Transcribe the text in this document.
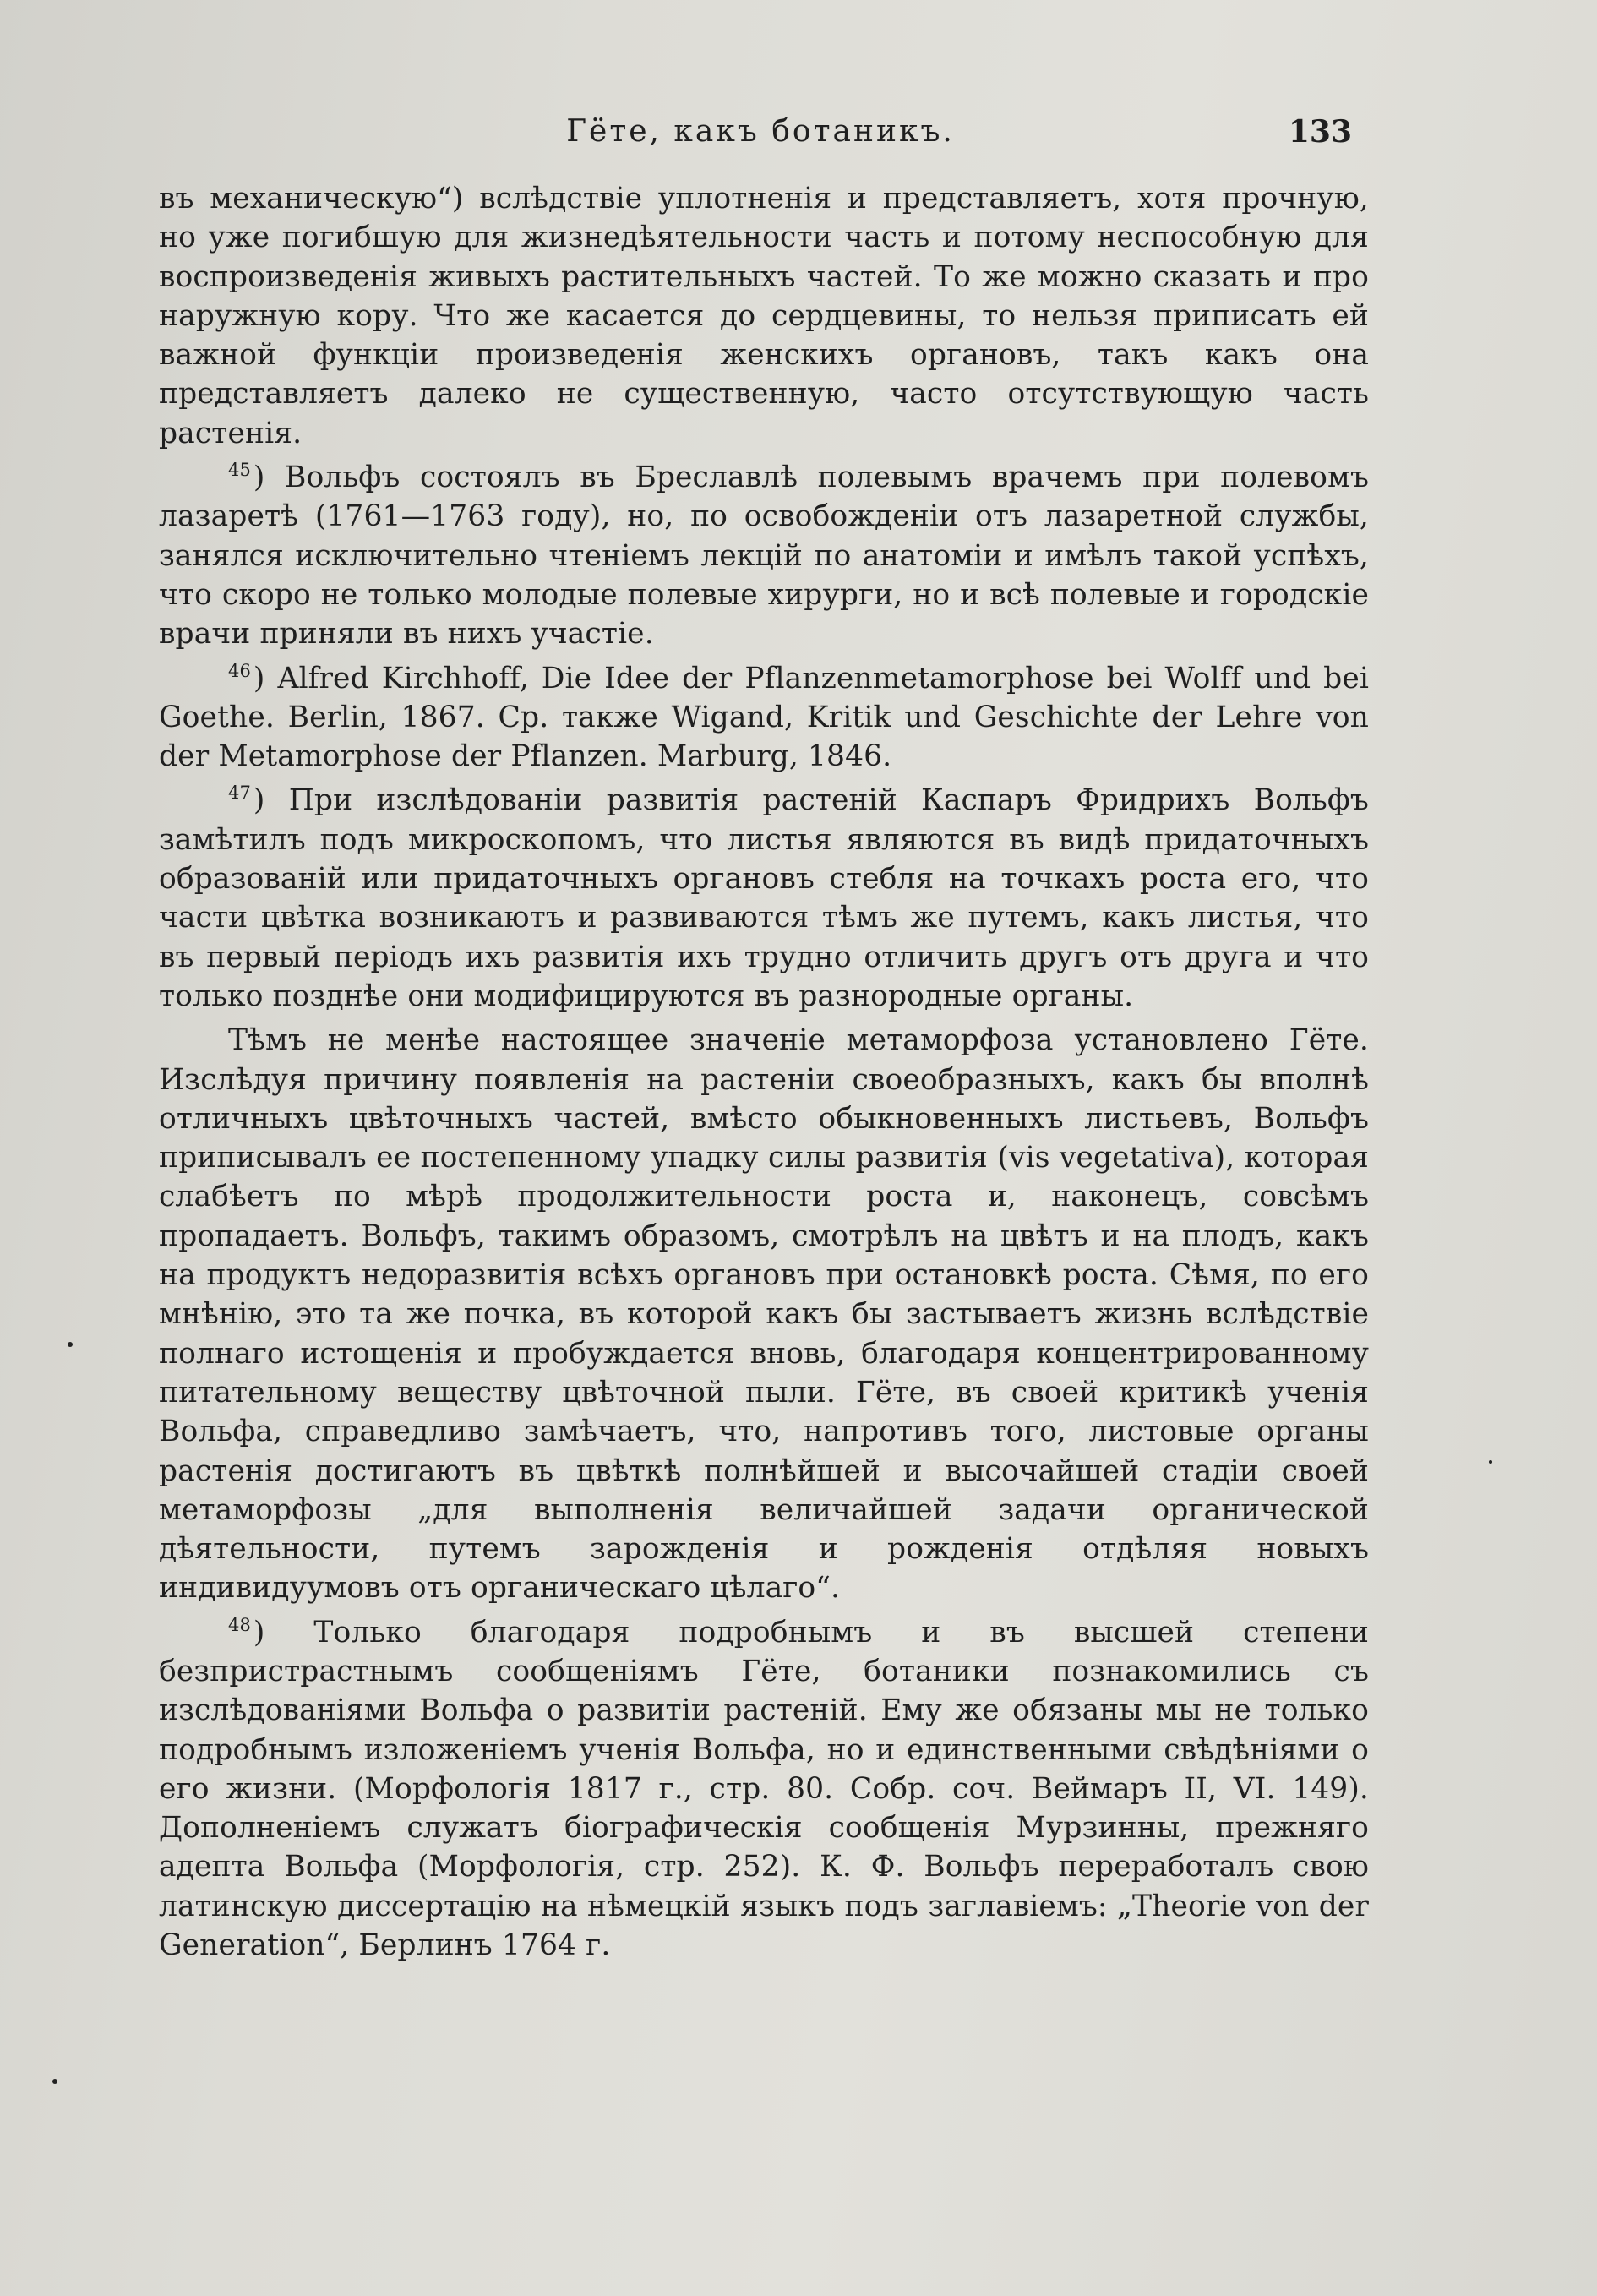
Гёте, какъ ботаникъ.	133

въ механическую“) вслѣдствіе уплотненія и представляетъ, хотя прочную, но уже погибшую для жизнедѣятельности часть и потому неспособную для воспроизведенія живыхъ растительныхъ частей. То же можно сказать и про наружную кору. Что же касается до сердцевины, то нельзя приписать ей важной функціи произведенія женскихъ органовъ, такъ какъ она представляетъ далеко не существенную, часто отсутствующую часть растенія.

$^{45}$) Вольфъ состоялъ въ Бреславлѣ полевымъ врачемъ при полевомъ лазаретѣ (1761—1763 году), но, по освобожденіи отъ лазаретной службы, занялся исключительно чтеніемъ лекцій по анатоміи и имѣлъ такой успѣхъ, что скоро не только молодые полевые хирурги, но и всѣ полевые и городскіе врачи приняли въ нихъ участіе.

$^{46}$) Alfred Kirchhoff, Die Idee der Pflanzenmetamorphose bei Wolff und bei Goethe. Berlin, 1867. Ср. также Wigand, Kritik und Geschichte der Lehre von der Metamorphose der Pflanzen. Marburg, 1846.

$^{47}$) При изслѣдованіи развитія растеній Каспаръ Фридрихъ Вольфъ замѣтилъ подъ микроскопомъ, что листья являются въ видѣ придаточныхъ образованій или придаточныхъ органовъ стебля на точкахъ роста его, что части цвѣтка возникаютъ и развиваются тѣмъ же путемъ, какъ листья, что въ первый періодъ ихъ развитія ихъ трудно отличить другъ отъ друга и что только позднѣе они модифицируются въ разнородные органы.

Тѣмъ не менѣе настоящее значеніе метаморфоза установлено Гёте. Изслѣдуя причину появленія на растеніи своеобразныхъ, какъ бы вполнѣ отличныхъ цвѣточныхъ частей, вмѣсто обыкновенныхъ листьевъ, Вольфъ приписывалъ ее постепенному упадку силы развитія (vis vegetativa), которая слабѣетъ по мѣрѣ продолжительности роста и, наконецъ, совсѣмъ пропадаетъ. Вольфъ, такимъ образомъ, смотрѣлъ на цвѣтъ и на плодъ, какъ на продуктъ недоразвитія всѣхъ органовъ при остановкѣ роста. Сѣмя, по его мнѣнію, это та же почка, въ которой какъ бы застываетъ жизнь вслѣдствіе полнаго истощенія и пробуждается вновь, благодаря концентрированному питательному веществу цвѣточной пыли. Гёте, въ своей критикѣ ученія Вольфа, справедливо замѣчаетъ, что, напротивъ того, листовые органы растенія достигаютъ въ цвѣткѣ полнѣйшей и высочайшей стадіи своей метаморфозы „для выполненія величайшей задачи органической дѣятельности, путемъ зарожденія и рожденія отдѣляя новыхъ индивидуумовъ отъ органическаго цѣлаго“.

$^{48}$) Только благодаря подробнымъ и въ высшей степени безпристрастнымъ сообщеніямъ Гёте, ботаники познакомились съ изслѣдованіями Вольфа о развитіи растеній. Ему же обязаны мы не только подробнымъ изложеніемъ ученія Вольфа, но и единственными свѣдѣніями о его жизни. (Морфологія 1817 г., стр. 80. Собр. соч. Веймаръ II, VI. 149). Дополненіемъ служатъ біографическія сообщенія Мурзинны, прежняго адепта Вольфа (Морфологія, стр. 252). К. Ф. Вольфъ переработалъ свою латинскую диссертацію на нѣмецкій языкъ подъ заглавіемъ: „Theorie von der Generation“, Берлинъ 1764 г.
